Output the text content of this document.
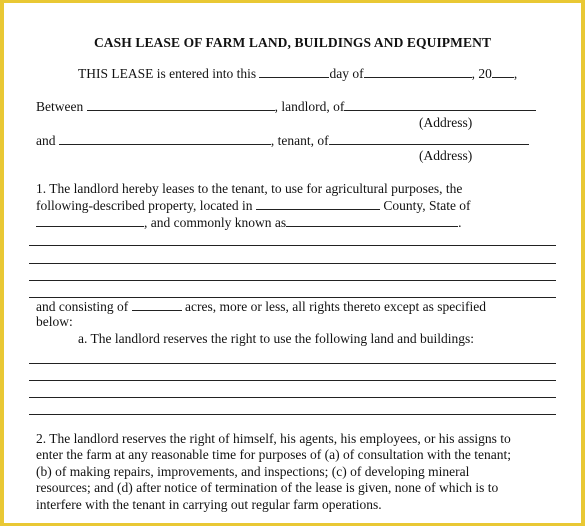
CASH LEASE OF FARM LAND, BUILDINGS AND EQUIPMENT
THIS LEASE is entered into this	day of	, 20 ,
Between	, landlord, of
(Address)
and	, tenant, of
(Address)
1. The landlord hereby leases to the tenant, to use for agricultural purposes, the
following-described property, located in	County, State of
, and commonly known as	.
and consisting of	acres, more or less, all rights thereto except as specified
below:
a. The landlord reserves the right to use the following land and buildings:
2. The landlord reserves the right of himself, his agents, his employees, or his assigns to
enter the farm at any reasonable time for purposes of (a) of consultation with the tenant;
(b) of making repairs, improvements, and inspections; (c) of developing mineral
resources; and (d) after notice of termination of the lease is given, none of which is to
interfere with the tenant in carrying out regular farm operations.
